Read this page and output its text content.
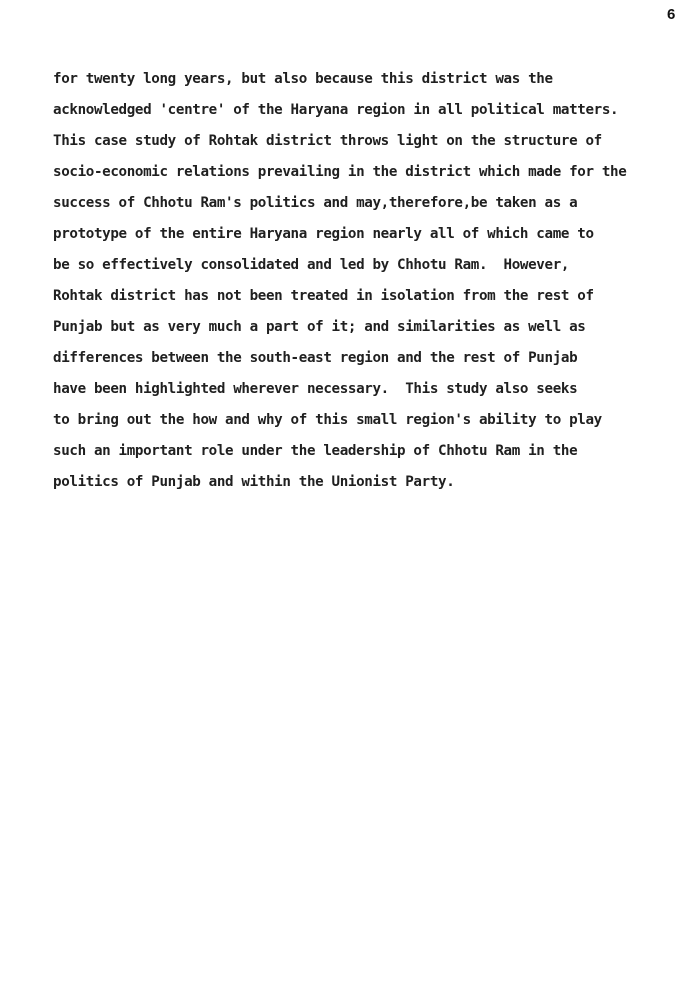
6
for twenty long years, but also because this district was the
acknowledged 'centre' of the Haryana region in all political matters.
This case study of Rohtak district throws light on the structure of
socio-economic relations prevailing in the district which made for the
success of Chhotu Ram's politics and may,therefore,be taken as a
prototype of the entire Haryana region nearly all of which came to
be so effectively consolidated and led by Chhotu Ram.  However,
Rohtak district has not been treated in isolation from the rest of
Punjab but as very much a part of it; and similarities as well as
differences between the south-east region and the rest of Punjab
have been highlighted wherever necessary.  This study also seeks
to bring out the how and why of this small region's ability to play
such an important role under the leadership of Chhotu Ram in the
politics of Punjab and within the Unionist Party.
